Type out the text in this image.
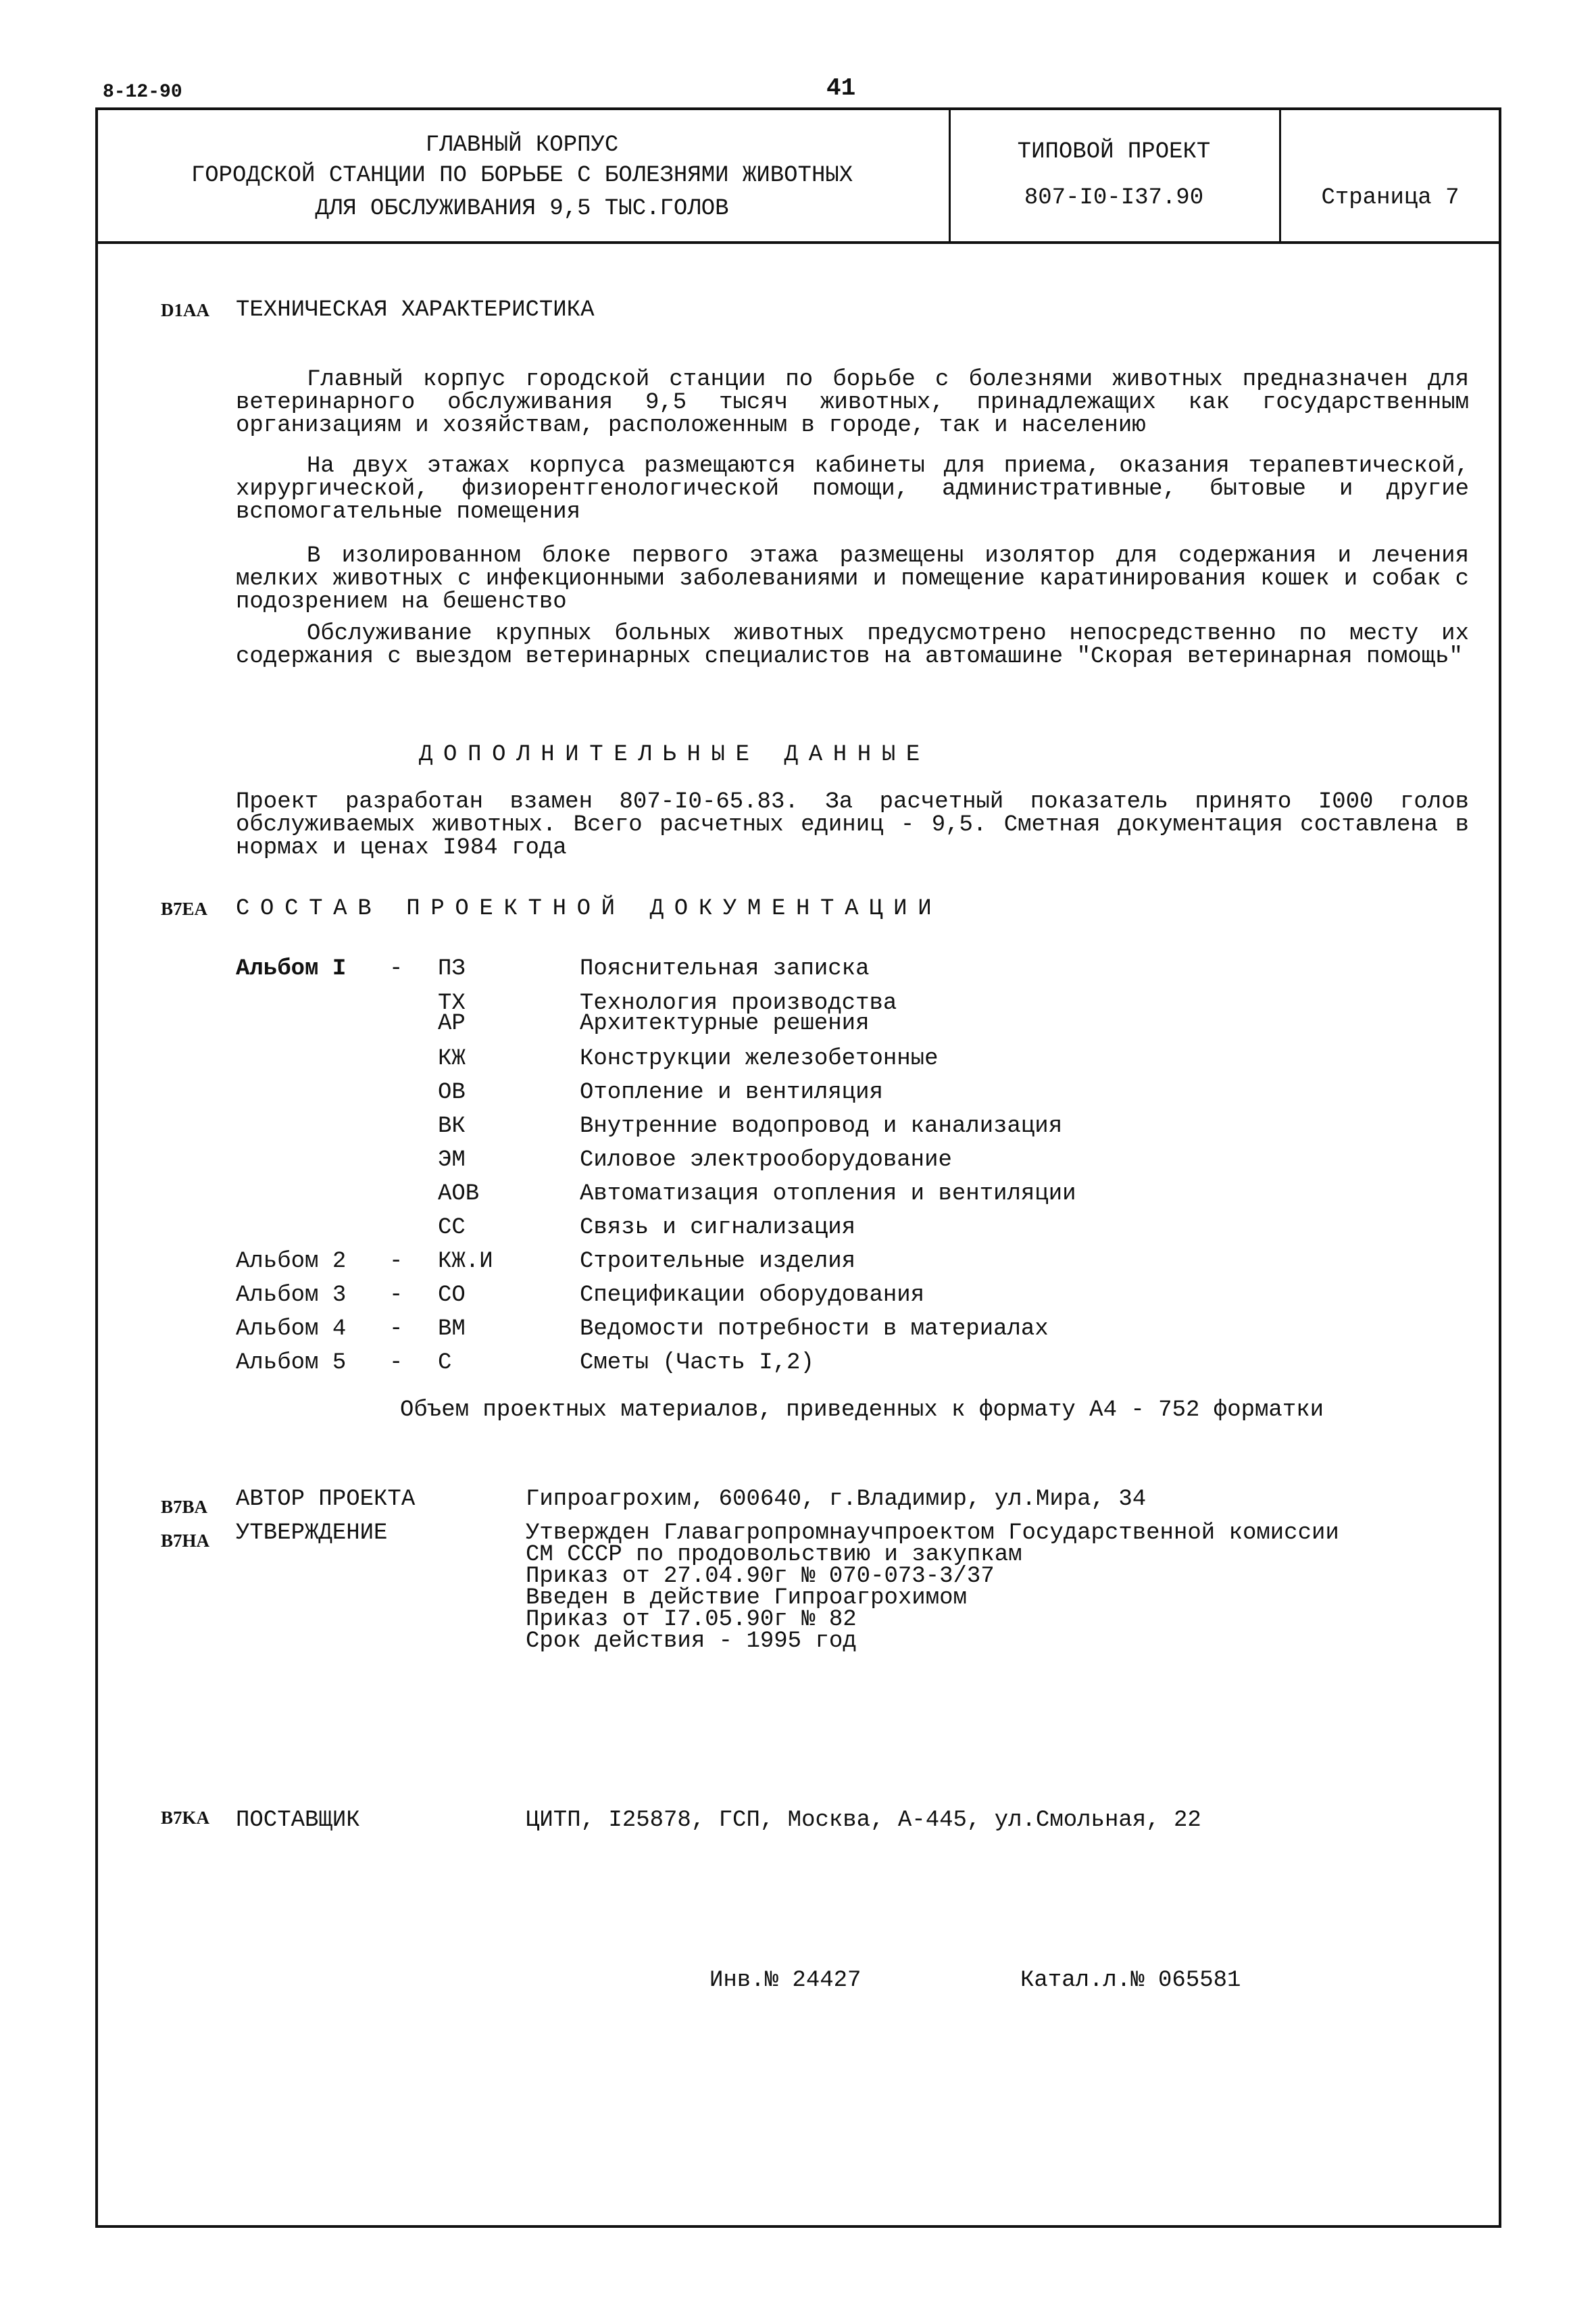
8-12-90	41
ГЛАВНЫЙ КОРПУС
ГОРОДСКОЙ СТАНЦИИ ПО БОРЬБЕ С БОЛЕЗНЯМИ ЖИВОТНЫХ
ДЛЯ ОБСЛУЖИВАНИЯ 9,5 ТЫС.ГОЛОВ
ТИПОВОЙ ПРОЕКТ
807-I0-I37.90	Страница 7
D1AA ТЕХНИЧЕСКАЯ ХАРАКТЕРИСТИКА

Главный корпус городской станции по борьбе с болезнями животных предназначен для ветеринарного обслуживания 9,5 тысяч животных, принадлежащих как государственным организациям и хозяйствам, расположенным в городе, так и населению

На двух этажах корпуса размещаются кабинеты для приема, оказания терапевтической, хирургической, физиорентгенологической помощи, административные, бытовые и другие вспомогательные помещения

В изолированном блоке первого этажа размещены изолятор для содержания и лечения мелких животных с инфекционными заболеваниями и помещение каратинирования кошек и собак с подозрением на бешенство

Обслуживание крупных больных животных предусмотрено непосредственно по месту их содержания с выездом ветеринарных специалистов на автомашине "Скорая ветеринарная помощь"

ДОПОЛНИТЕЛЬНЫЕ ДАННЫЕ

Проект разработан взамен 807-I0-65.83. За расчетный показатель принято I000 голов обслуживаемых животных. Всего расчетных единиц - 9,5. Сметная документация составлена в нормах и ценах I984 года

B7EA СОСТАВ ПРОЕКТНОЙ ДОКУМЕНТАЦИИ
Альбом I - ПЗ	Пояснительная записка
ТХ	Технология производства
АР	Архитектурные решения
КЖ	Конструкции железобетонные
ОВ	Отопление и вентиляция
ВК	Внутренние водопровод и канализация
ЭМ	Силовое электрооборудование
АОВ	Автоматизация отопления и вентиляции
СС	Связь и сигнализация
Альбом 2 - КЖ.И	Строительные изделия
Альбом 3 - СО	Спецификации оборудования
Альбом 4 - ВМ	Ведомости потребности в материалах
Альбом 5 - С	Сметы (Часть I,2)
Объем проектных материалов, приведенных к формату А4 - 752 форматки
B7BA АВТОР ПРОЕКТА	Гипроагрохим, 600640, г.Владимир, ул.Мира, 34
B7HA УТВЕРЖДЕНИЕ	Утвержден Главагропромнаучпроектом Государственной комиссии
СМ СССР по продовольствию и закупкам
Приказ от 27.04.90г № 070-073-3/37
Введен в действие Гипроагрохимом
Приказ от I7.05.90г № 82
Срок действия - 1995 год
B7KA ПОСТАВЩИК	ЦИТП, I25878, ГСП, Москва, А-445, ул.Смольная, 22
Инв.№ 24427	Катал.л.№ 065581
